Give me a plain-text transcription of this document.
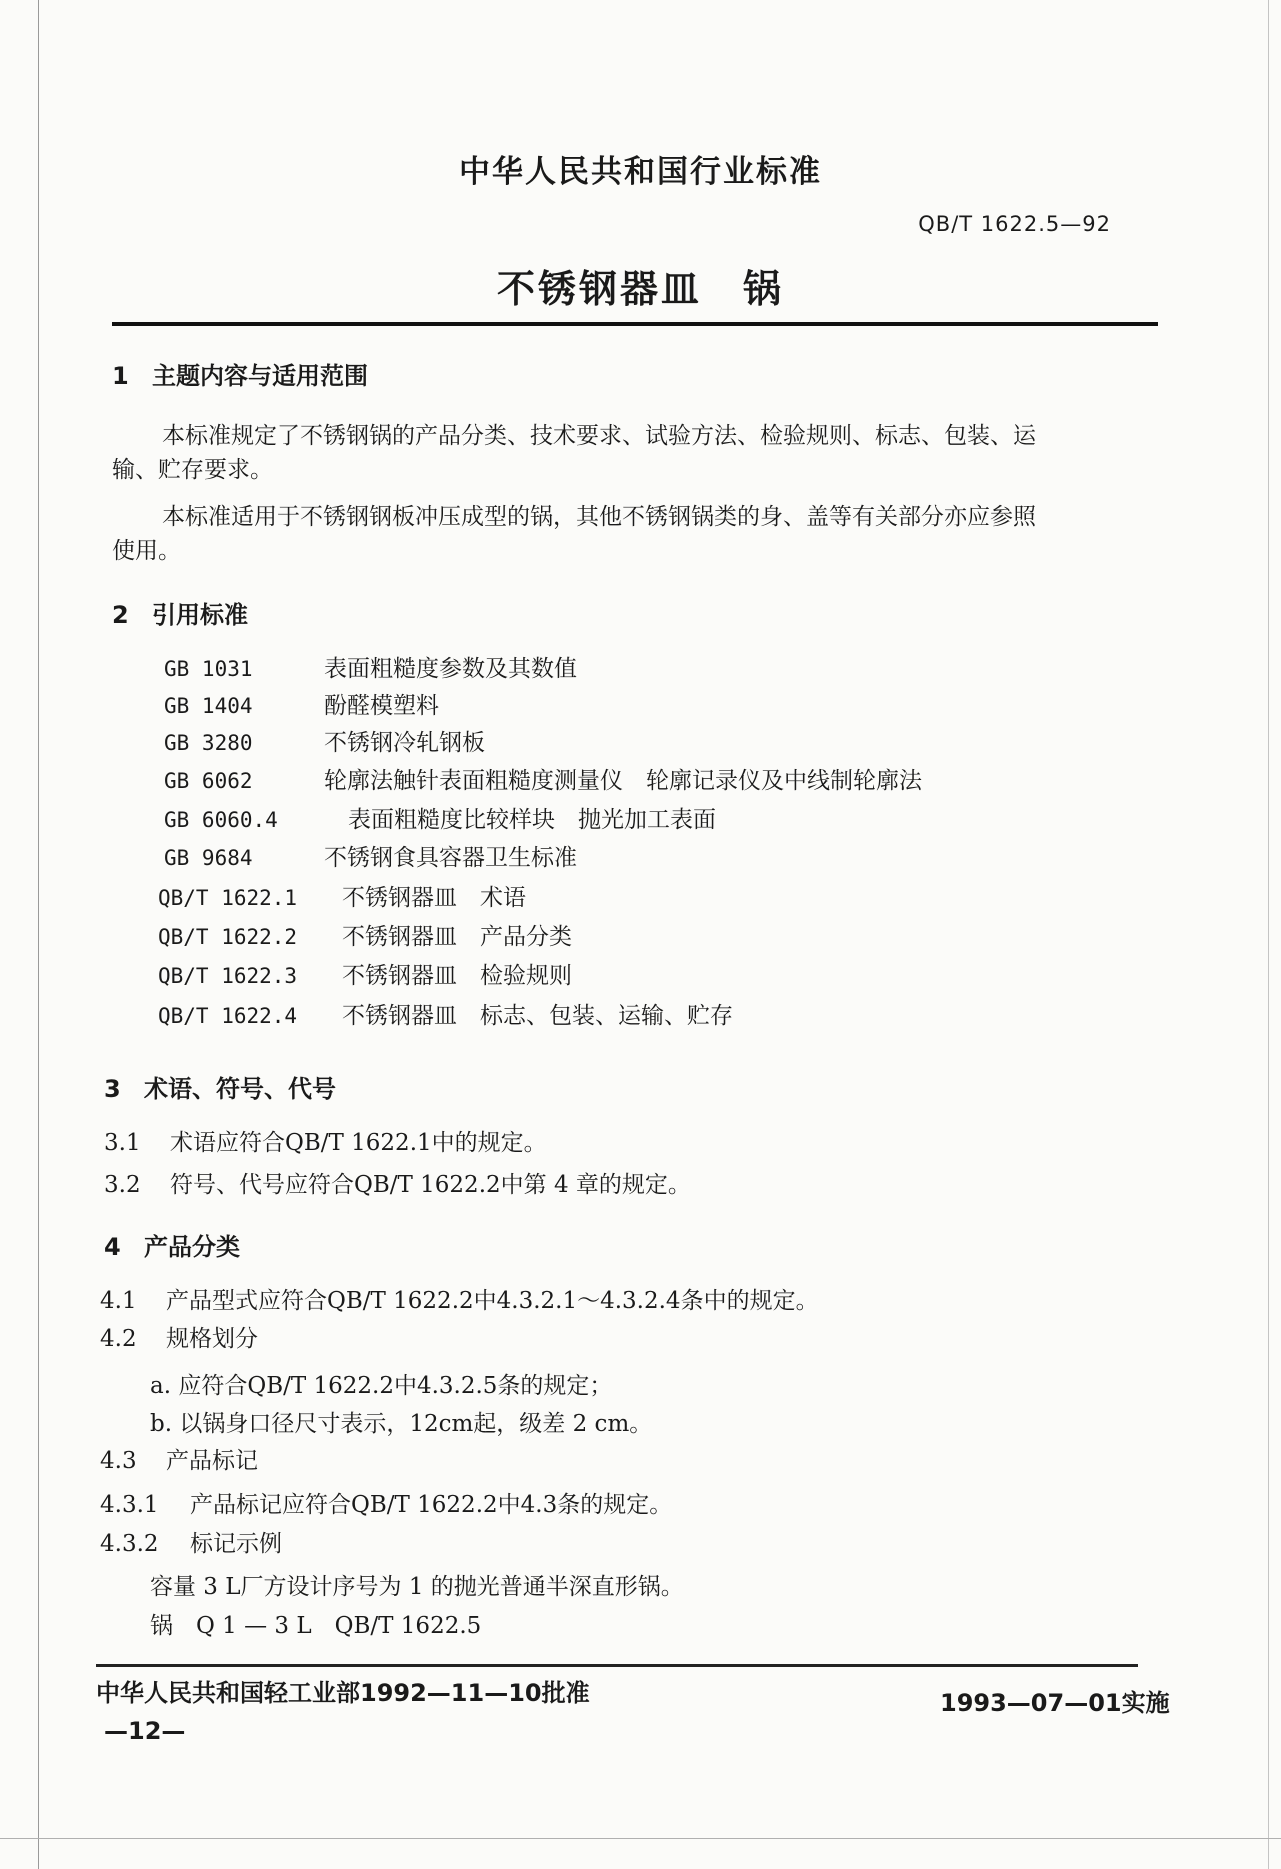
中华人民共和国行业标准
QB/T 1622.5—92
不锈钢器皿　锅
1 主题内容与适用范围
本标准规定了不锈钢锅的产品分类、技术要求、试验方法、检验规则、标志、包装、运
输、贮存要求。
本标准适用于不锈钢钢板冲压成型的锅，其他不锈钢锅类的身、盖等有关部分亦应参照
使用。
2 引用标准
GB 1031	表面粗糙度参数及其数值
GB 1404	酚醛模塑料
GB 3280	不锈钢冷轧钢板
GB 6062	轮廓法触针表面粗糙度测量仪　轮廓记录仪及中线制轮廓法
GB 6060.4	表面粗糙度比较样块　抛光加工表面
GB 9684	不锈钢食具容器卫生标准
QB/T 1622.1 不锈钢器皿　术语
QB/T 1622.2 不锈钢器皿　产品分类
QB/T 1622.3 不锈钢器皿　检验规则
QB/T 1622.4 不锈钢器皿　标志、包装、运输、贮存
3 术语、符号、代号
3.1 术语应符合QB/T 1622.1中的规定。
3.2 符号、代号应符合QB/T 1622.2中第 4 章的规定。
4 产品分类
4.1 产品型式应符合QB/T 1622.2中4.3.2.1～4.3.2.4条中的规定。
4.2 规格划分
a. 应符合QB/T 1622.2中4.3.2.5条的规定；
b. 以锅身口径尺寸表示，12cm起，级差 2 cm。
4.3 产品标记
4.3.1 产品标记应符合QB/T 1622.2中4.3条的规定。
4.3.2 标记示例
容量 3 L厂方设计序号为 1 的抛光普通半深直形锅。
锅　Q 1 — 3 L　QB/T 1622.5
中华人民共和国轻工业部1992—11—10批准	1993—07—01实施
—12—
